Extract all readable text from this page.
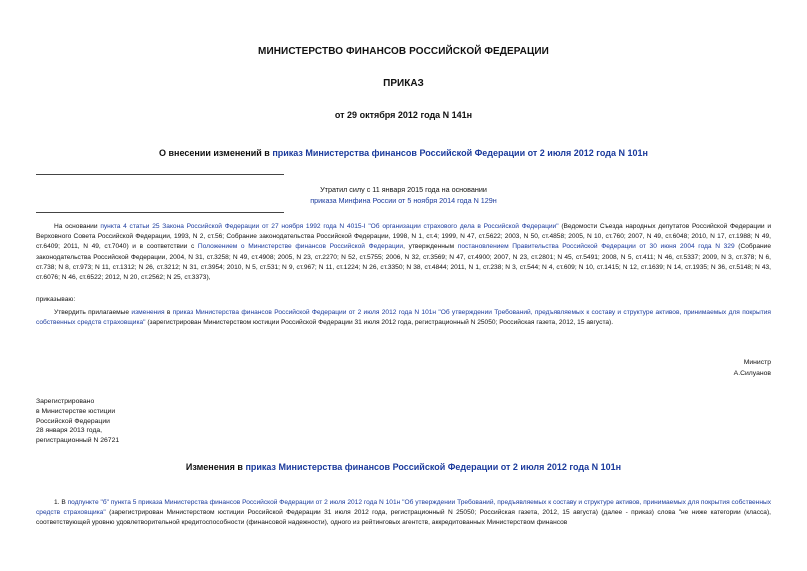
МИНИСТЕРСТВО ФИНАНСОВ РОССИЙСКОЙ ФЕДЕРАЦИИ
ПРИКАЗ
от 29 октября 2012 года N 141н
О внесении изменений в приказ Министерства финансов Российской Федерации от 2 июля 2012 года N 101н
Утратил силу с 11 января 2015 года на основании
приказа Минфина России от 5 ноября 2014 года N 129н
На основании пункта 4 статьи 25 Закона Российской Федерации от 27 ноября 1992 года N 4015-I "Об организации страхового дела в Российской Федерации" (Ведомости Съезда народных депутатов Российской Федерации и Верховного Совета Российской Федерации, 1993, N 2, ст.56; Собрание законодательства Российской Федерации, 1998, N 1, ст.4; 1999, N 47, ст.5622; 2003, N 50, ст.4858; 2005, N 10, ст.760; 2007, N 49, ст.6048; 2010, N 17, ст.1988; N 49, ст.6409; 2011, N 49, ст.7040) и в соответствии с Положением о Министерстве финансов Российской Федерации, утвержденным постановлением Правительства Российской Федерации от 30 июня 2004 года N 329 (Собрание законодательства Российской Федерации, 2004, N 31, ст.3258; N 49, ст.4908; 2005, N 23, ст.2270; N 52, ст.5755; 2006, N 32, ст.3569; N 47, ст.4900; 2007, N 23, ст.2801; N 45, ст.5491; 2008, N 5, ст.411; N 46, ст.5337; 2009, N 3, ст.378; N 6, ст.738; N 8, ст.973; N 11, ст.1312; N 26, ст.3212; N 31, ст.3954; 2010, N 5, ст.531; N 9, ст.967; N 11, ст.1224; N 26, ст.3350; N 38, ст.4844; 2011, N 1, ст.238; N 3, ст.544; N 4, ст.609; N 10, ст.1415; N 12, ст.1639; N 14, ст.1935; N 36, ст.5148; N 43, ст.6076; N 46, ст.6522; 2012, N 20, ст.2562; N 25, ст.3373),
приказываю:
Утвердить прилагаемые изменения в приказ Министерства финансов Российской Федерации от 2 июля 2012 года N 101н "Об утверждении Требований, предъявляемых к составу и структуре активов, принимаемых для покрытия собственных средств страховщика" (зарегистрирован Министерством юстиции Российской Федерации 31 июля 2012 года, регистрационный N 25050; Российская газета, 2012, 15 августа).
Министр
А.Силуанов
Зарегистрировано
в Министерстве юстиции
Российской Федерации
28 января 2013 года,
регистрационный N 26721
Изменения в приказ Министерства финансов Российской Федерации от 2 июля 2012 года N 101н
1. В подпункте "б" пункта 5 приказа Министерства финансов Российской Федерации от 2 июля 2012 года N 101н "Об утверждении Требований, предъявляемых к составу и структуре активов, принимаемых для покрытия собственных средств страховщика" (зарегистрирован Министерством юстиции Российской Федерации 31 июля 2012 года, регистрационный N 25050; Российская газета, 2012, 15 августа) (далее - приказ) слова "не ниже категории (класса), соответствующей уровню удовлетворительной кредитоспособности (финансовой надежности), одного из рейтинговых агентств, аккредитованных Министерством финансов
